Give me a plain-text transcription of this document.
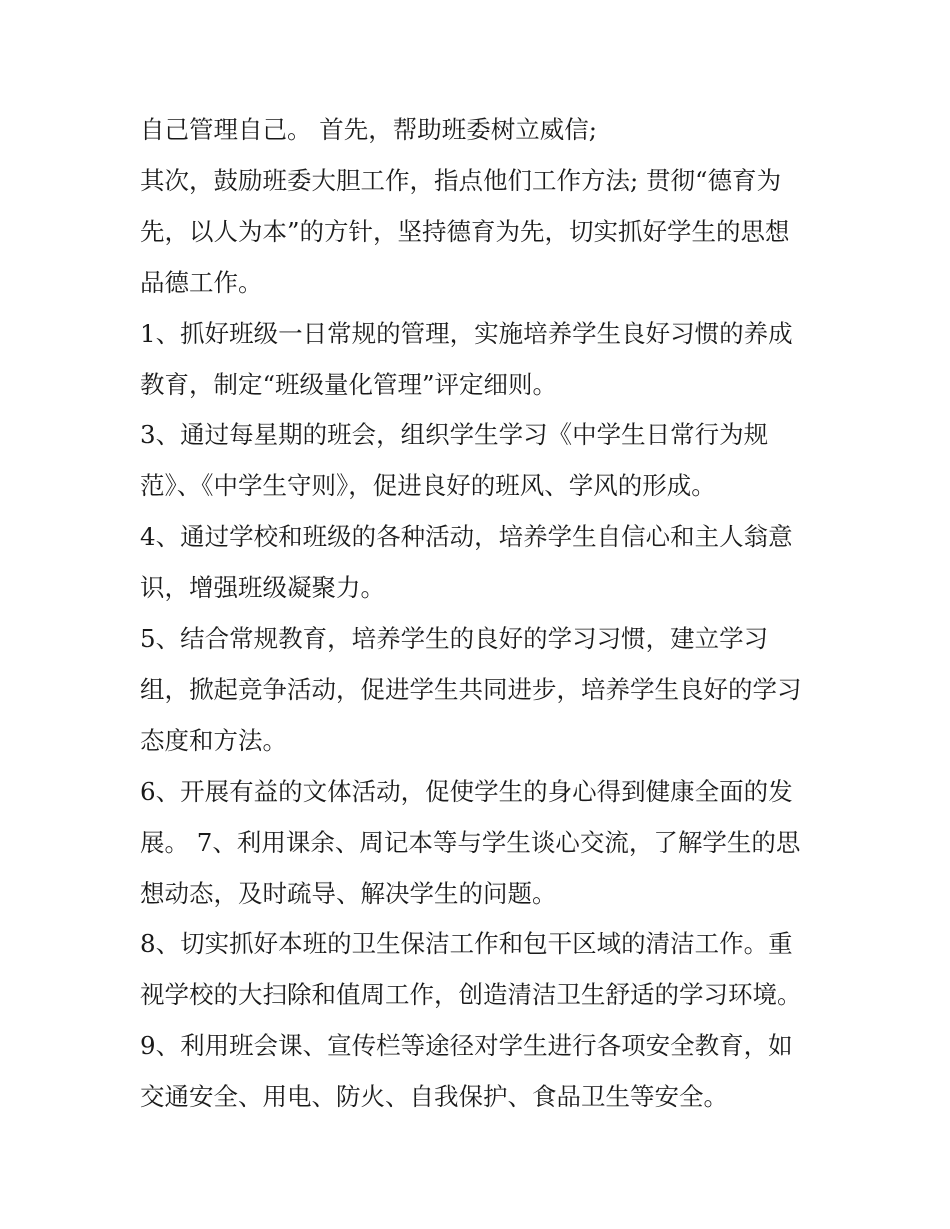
自己管理自己。 首先，帮助班委树立威信;
其次，鼓励班委大胆工作，指点他们工作方法; 贯彻“德育为
先，以人为本”的方针，坚持德育为先，切实抓好学生的思想
品德工作。
1、抓好班级一日常规的管理，实施培养学生良好习惯的养成
教育，制定“班级量化管理”评定细则。
3、通过每星期的班会，组织学生学习《中学生日常行为规
范》、《中学生守则》，促进良好的班风、学风的形成。
4、通过学校和班级的各种活动，培养学生自信心和主人翁意
识，增强班级凝聚力。
5、结合常规教育，培养学生的良好的学习习惯，建立学习
组，掀起竞争活动，促进学生共同进步，培养学生良好的学习
态度和方法。
6、开展有益的文体活动，促使学生的身心得到健康全面的发
展。 7、利用课余、周记本等与学生谈心交流，了解学生的思
想动态，及时疏导、解决学生的问题。
8、切实抓好本班的卫生保洁工作和包干区域的清洁工作。重
视学校的大扫除和值周工作，创造清洁卫生舒适的学习环境。
9、利用班会课、宣传栏等途径对学生进行各项安全教育，如
交通安全、用电、防火、自我保护、食品卫生等安全。
